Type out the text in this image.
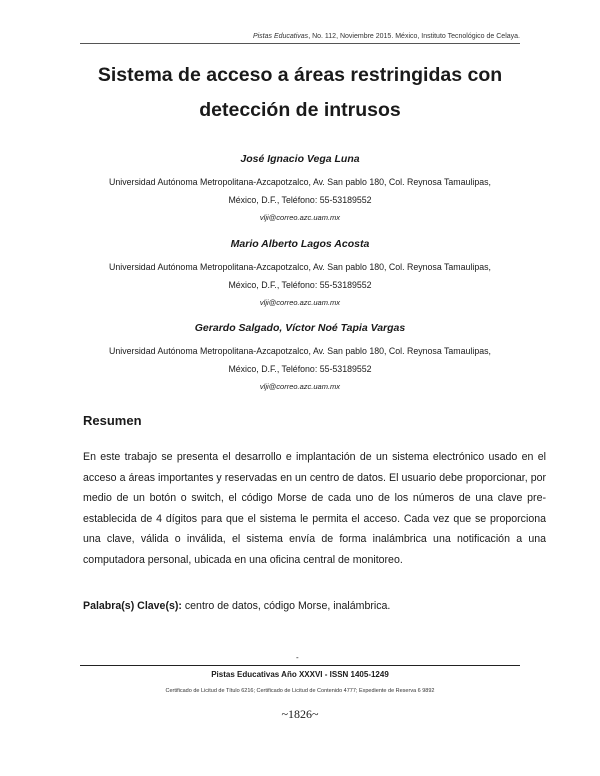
Pistas Educativas, No. 112, Noviembre 2015. México, Instituto Tecnológico de Celaya.
Sistema de acceso a áreas restringidas con detección de intrusos
José Ignacio Vega Luna
Universidad Autónoma Metropolitana-Azcapotzalco, Av. San pablo 180, Col. Reynosa Tamaulipas,
México, D.F., Teléfono: 55-53189552
vlji@correo.azc.uam.mx
Mario Alberto Lagos Acosta
Universidad Autónoma Metropolitana-Azcapotzalco, Av. San pablo 180, Col. Reynosa Tamaulipas,
México, D.F., Teléfono: 55-53189552
vlji@correo.azc.uam.mx
Gerardo Salgado, Víctor Noé Tapia Vargas
Universidad Autónoma Metropolitana-Azcapotzalco, Av. San pablo 180, Col. Reynosa Tamaulipas,
México, D.F., Teléfono: 55-53189552
vlji@correo.azc.uam.mx
Resumen

En este trabajo se presenta el desarrollo e implantación de un sistema electrónico usado en el acceso a áreas importantes y reservadas en un centro de datos. El usuario debe proporcionar, por medio de un botón o switch, el código Morse de cada uno de los números de una clave pre-establecida de 4 dígitos para que el sistema le permita el acceso. Cada vez que se proporciona una clave, válida o inválida, el sistema envía de forma inalámbrica una notificación a una computadora personal, ubicada en una oficina central de monitoreo.

Palabra(s) Clave(s): centro de datos, código Morse, inalámbrica.

-
Pistas Educativas Año XXXVI - ISSN 1405-1249
Certificado de Licitud de Título 6216; Certificado de Licitud de Contenido 4777; Expediente de Reserva 6 9892
~1826~
